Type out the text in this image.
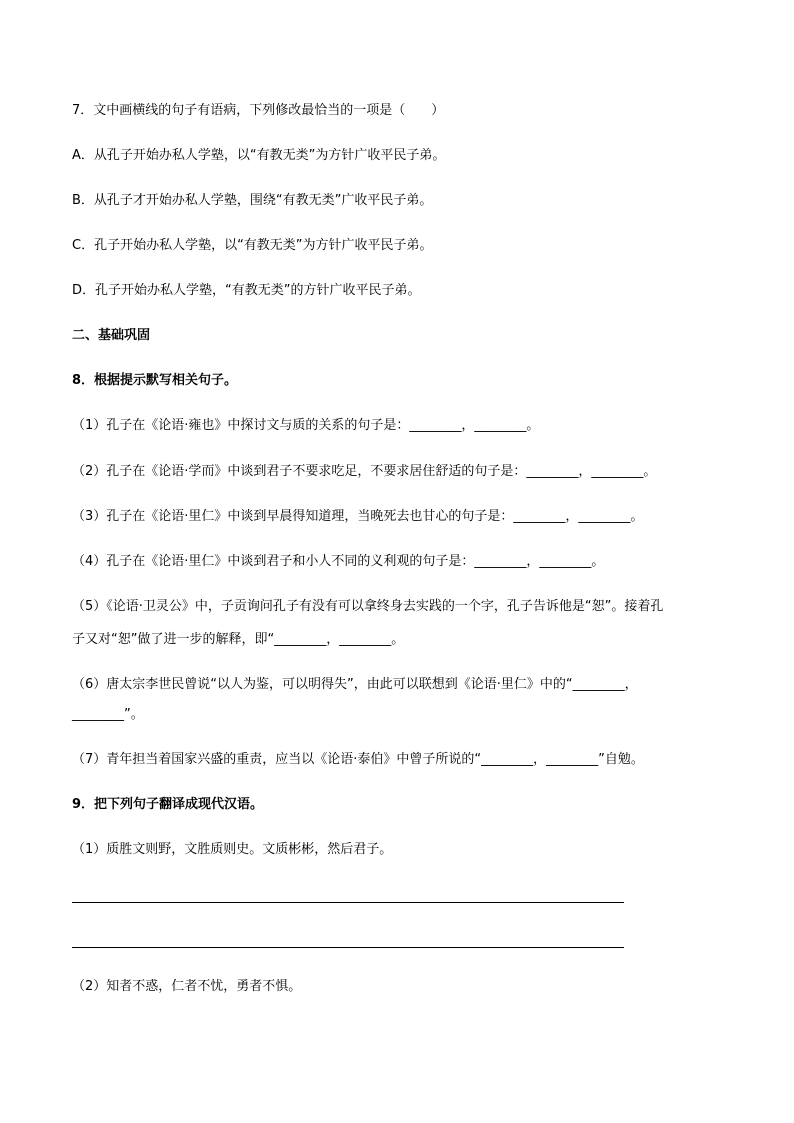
7．文中画横线的句子有语病，下列修改最恰当的一项是（　　）
A．从孔子开始办私人学塾，以“有教无类”为方针广收平民子弟。
B．从孔子才开始办私人学塾，围绕“有教无类”广收平民子弟。
C．孔子开始办私人学塾，以“有教无类”为方针广收平民子弟。
D．孔子开始办私人学塾，“有教无类”的方针广收平民子弟。
二、基础巩固
8．根据提示默写相关句子。
（1）孔子在《论语·雍也》中探讨文与质的关系的句子是：________，________。
（2）孔子在《论语·学而》中谈到君子不要求吃足，不要求居住舒适的句子是：________，________。
（3）孔子在《论语·里仁》中谈到早晨得知道理，当晚死去也甘心的句子是：________，________。
（4）孔子在《论语·里仁》中谈到君子和小人不同的义利观的句子是：________，________。
（5）《论语·卫灵公》中，子贡询问孔子有没有可以拿终身去实践的一个字，孔子告诉他是“恕”。接着孔
子又对“恕”做了进一步的解释，即“________，________。
（6）唐太宗李世民曾说“以人为鉴，可以明得失”，由此可以联想到《论语·里仁》中的“________，
________”。
（7）青年担当着国家兴盛的重责，应当以《论语·泰伯》中曾子所说的“________，________”自勉。
9．把下列句子翻译成现代汉语。
（1）质胜文则野，文胜质则史。文质彬彬，然后君子。
（2）知者不惑，仁者不忧，勇者不惧。
